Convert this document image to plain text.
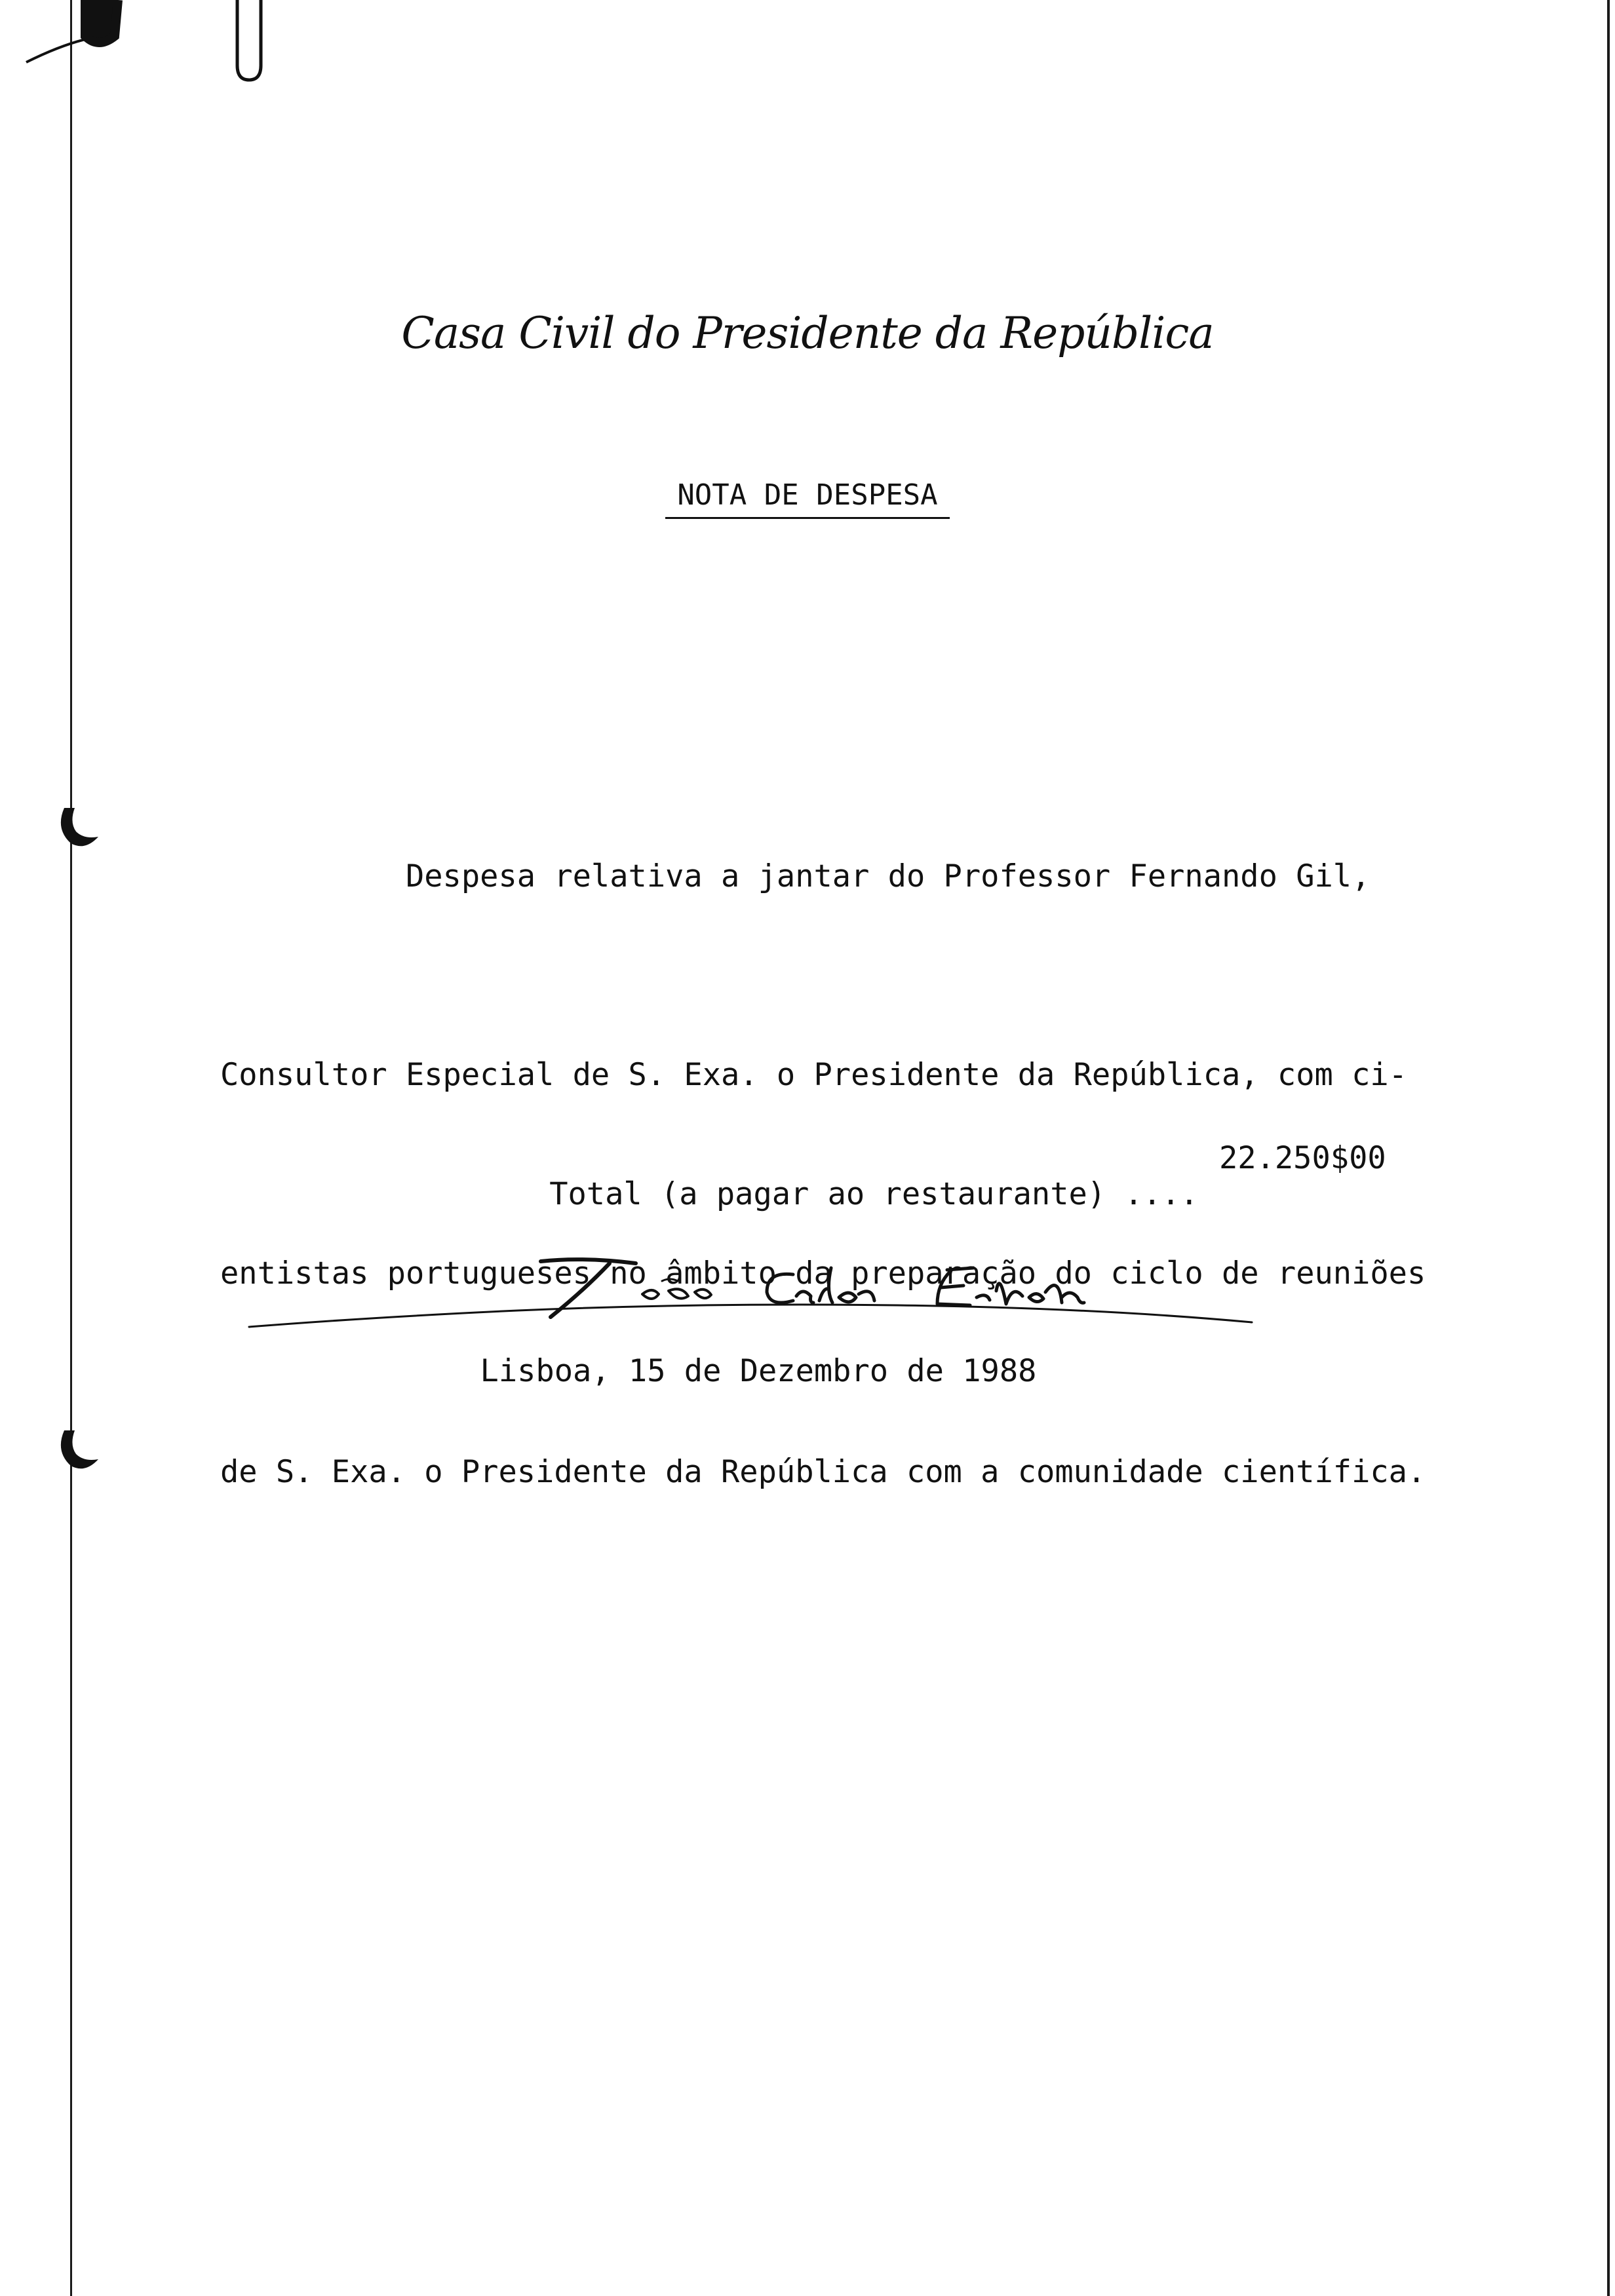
Casa Civil do Presidente da República
NOTA DE DESPESA

Despesa relativa a jantar do Professor Fernando Gil,

Consultor Especial de S. Exa. o Presidente da República, com ci-

entistas portugueses no âmbito da preparação do ciclo de reuniões

de S. Exa. o Presidente da República com a comunidade científica.

Total (a pagar ao restaurante) ....

22.250$00

Lisboa, 15 de Dezembro de 1988
